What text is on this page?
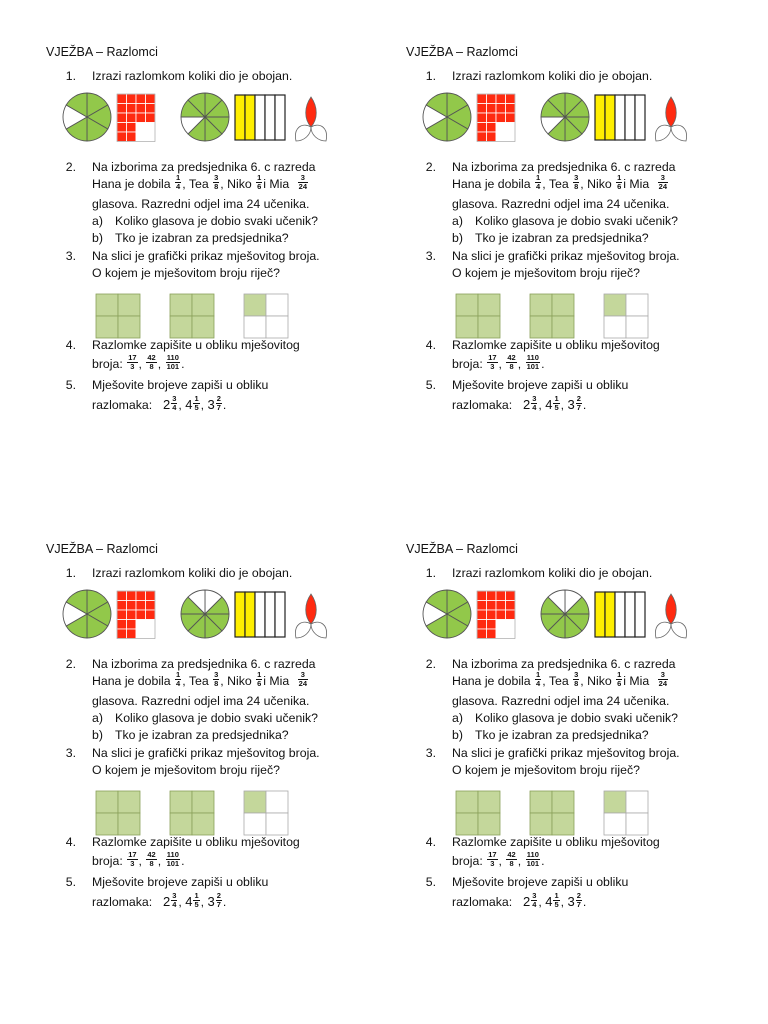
VJEŽBA – Razlomci
1. Izrazi razlomkom koliki dio je obojan.
2. Na izborima za predsjednika 6. c razreda
Hana je dobila $\frac{1}{4}$ , Tea $\frac{3}{8}$ , Niko $\frac{1}{6}$ i Mia $\frac{3}{24}$
glasova. Razredni odjel ima 24 učenika.
a) Koliko glasova je dobio svaki učenik?
b) Tko je izabran za predsjednika?
3. Na slici je grafički prikaz mješovitog broja.
O kojem je mješovitom broju riječ?
4. Razlomke zapišite u obliku mješovitog
broja: $\frac{17}{3}$ , $\frac{42}{8}$ , $\frac{110}{101}$ .
5. Mješovite brojeve zapiši u obliku
razlomaka: $2 \frac{3}{4}$ , $4 \frac{1}{5}$ , $3 \frac{2}{7}$ .
VJEŽBA – Razlomci
1. Izrazi razlomkom koliki dio je obojan.
2. Na izborima za predsjednika 6. c razreda
Hana je dobila $\frac{1}{4}$ , Tea $\frac{3}{8}$ , Niko $\frac{1}{6}$ i Mia $\frac{3}{24}$
glasova. Razredni odjel ima 24 učenika.
a) Koliko glasova je dobio svaki učenik?
b) Tko je izabran za predsjednika?
3. Na slici je grafički prikaz mješovitog broja.
O kojem je mješovitom broju riječ?
4. Razlomke zapišite u obliku mješovitog
broja: $\frac{17}{3}$ , $\frac{42}{8}$ , $\frac{110}{101}$ .
5. Mješovite brojeve zapiši u obliku
razlomaka: $2 \frac{3}{4}$ , $4 \frac{1}{5}$ , $3 \frac{2}{7}$ .
VJEŽBA – Razlomci
1. Izrazi razlomkom koliki dio je obojan.
2. Na izborima za predsjednika 6. c razreda
Hana je dobila $\frac{1}{4}$ , Tea $\frac{3}{8}$ , Niko $\frac{1}{6}$ i Mia $\frac{3}{24}$
glasova. Razredni odjel ima 24 učenika.
a) Koliko glasova je dobio svaki učenik?
b) Tko je izabran za predsjednika?
3. Na slici je grafički prikaz mješovitog broja.
O kojem je mješovitom broju riječ?
4. Razlomke zapišite u obliku mješovitog
broja: $\frac{17}{3}$ , $\frac{42}{8}$ , $\frac{110}{101}$ .
5. Mješovite brojeve zapiši u obliku
razlomaka: $2 \frac{3}{4}$ , $4 \frac{1}{5}$ , $3 \frac{2}{7}$ .
VJEŽBA – Razlomci
1. Izrazi razlomkom koliki dio je obojan.
2. Na izborima za predsjednika 6. c razreda
Hana je dobila $\frac{1}{4}$ , Tea $\frac{3}{8}$ , Niko $\frac{1}{6}$ i Mia $\frac{3}{24}$
glasova. Razredni odjel ima 24 učenika.
a) Koliko glasova je dobio svaki učenik?
b) Tko je izabran za predsjednika?
3. Na slici je grafički prikaz mješovitog broja.
O kojem je mješovitom broju riječ?
4. Razlomke zapišite u obliku mješovitog
broja: $\frac{17}{3}$ , $\frac{42}{8}$ , $\frac{110}{101}$ .
5. Mješovite brojeve zapiši u obliku
razlomaka: $2 \frac{3}{4}$ , $4 \frac{1}{5}$ , $3 \frac{2}{7}$ .
